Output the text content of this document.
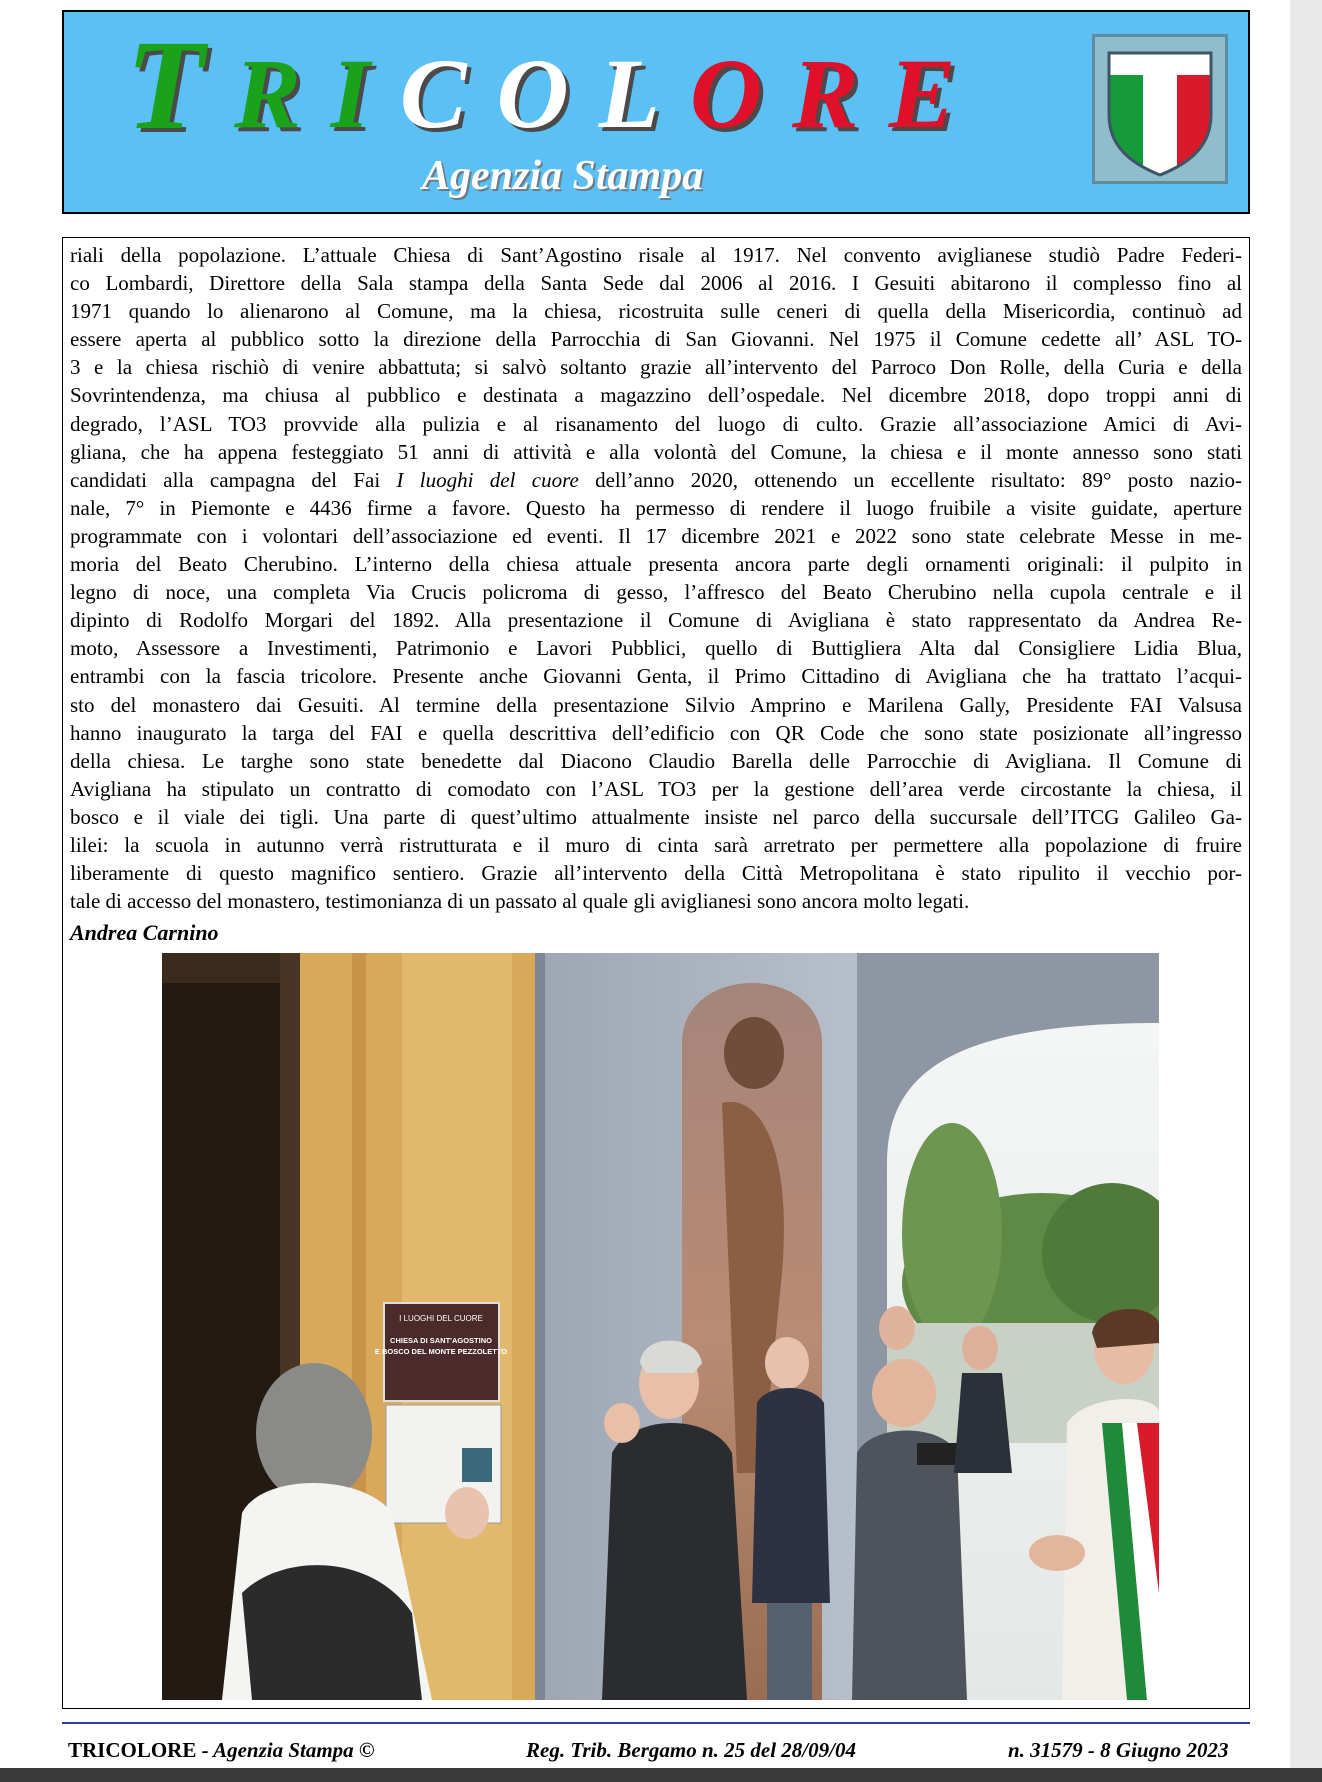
T R I C O L O R E
Agenzia Stampa
riali della popolazione. L’attuale Chiesa di Sant’Agostino risale al 1917. Nel convento aviglianese studiò Padre Federi-
co Lombardi, Direttore della Sala stampa della Santa Sede dal 2006 al 2016. I Gesuiti abitarono il complesso fino al
1971 quando lo alienarono al Comune, ma la chiesa, ricostruita sulle ceneri di quella della Misericordia, continuò ad
essere aperta al pubblico sotto la direzione della Parrocchia di San Giovanni. Nel 1975 il Comune cedette all’ ASL TO-
3 e la chiesa rischiò di venire abbattuta; si salvò soltanto grazie all’intervento del Parroco Don Rolle, della Curia e della
Sovrintendenza, ma chiusa al pubblico e destinata a magazzino dell’ospedale. Nel dicembre 2018, dopo troppi anni di
degrado, l’ASL TO3 provvide alla pulizia e al risanamento del luogo di culto. Grazie all’associazione Amici di Avi-
gliana, che ha appena festeggiato 51 anni di attività e alla volontà del Comune, la chiesa e il monte annesso sono stati
candidati alla campagna del Fai I luoghi del cuore dell’anno 2020, ottenendo un eccellente risultato: 89° posto nazio-
nale, 7° in Piemonte e 4436 firme a favore. Questo ha permesso di rendere il luogo fruibile a visite guidate, aperture
programmate con i volontari dell’associazione ed eventi. Il 17 dicembre 2021 e 2022 sono state celebrate Messe in me-
moria del Beato Cherubino. L’interno della chiesa attuale presenta ancora parte degli ornamenti originali: il pulpito in
legno di noce, una completa Via Crucis policroma di gesso, l’affresco del Beato Cherubino nella cupola centrale e il
dipinto di Rodolfo Morgari del 1892. Alla presentazione il Comune di Avigliana è stato rappresentato da Andrea Re-
moto, Assessore a Investimenti, Patrimonio e Lavori Pubblici, quello di Buttigliera Alta dal Consigliere Lidia Blua,
entrambi con la fascia tricolore. Presente anche Giovanni Genta, il Primo Cittadino di Avigliana che ha trattato l’acqui-
sto del monastero dai Gesuiti. Al termine della presentazione Silvio Amprino e Marilena Gally, Presidente FAI Valsusa
hanno inaugurato la targa del FAI e quella descrittiva dell’edificio con QR Code che sono state posizionate all’ingresso
della chiesa. Le targhe sono state benedette dal Diacono Claudio Barella delle Parrocchie di Avigliana. Il Comune di
Avigliana ha stipulato un contratto di comodato con l’ASL TO3 per la gestione dell’area verde circostante la chiesa, il
bosco e il viale dei tigli. Una parte di quest’ultimo attualmente insiste nel parco della succursale dell’ITCG Galileo Ga-
lilei: la scuola in autunno verrà ristrutturata e il muro di cinta sarà arretrato per permettere alla popolazione di fruire
liberamente di questo magnifico sentiero. Grazie all’intervento della Città Metropolitana è stato ripulito il vecchio por-
tale di accesso del monastero, testimonianza di un passato al quale gli aviglianesi sono ancora molto legati.
Andrea Carnino
I LUOGHI DEL CUORE
CHIESA DI SANT'AGOSTINO
E BOSCO DEL MONTE PEZZOLETTO
TRICOLORE - Agenzia Stampa ©	Reg. Trib. Bergamo n. 25 del 28/09/04	n. 31579 - 8 Giugno 2023
